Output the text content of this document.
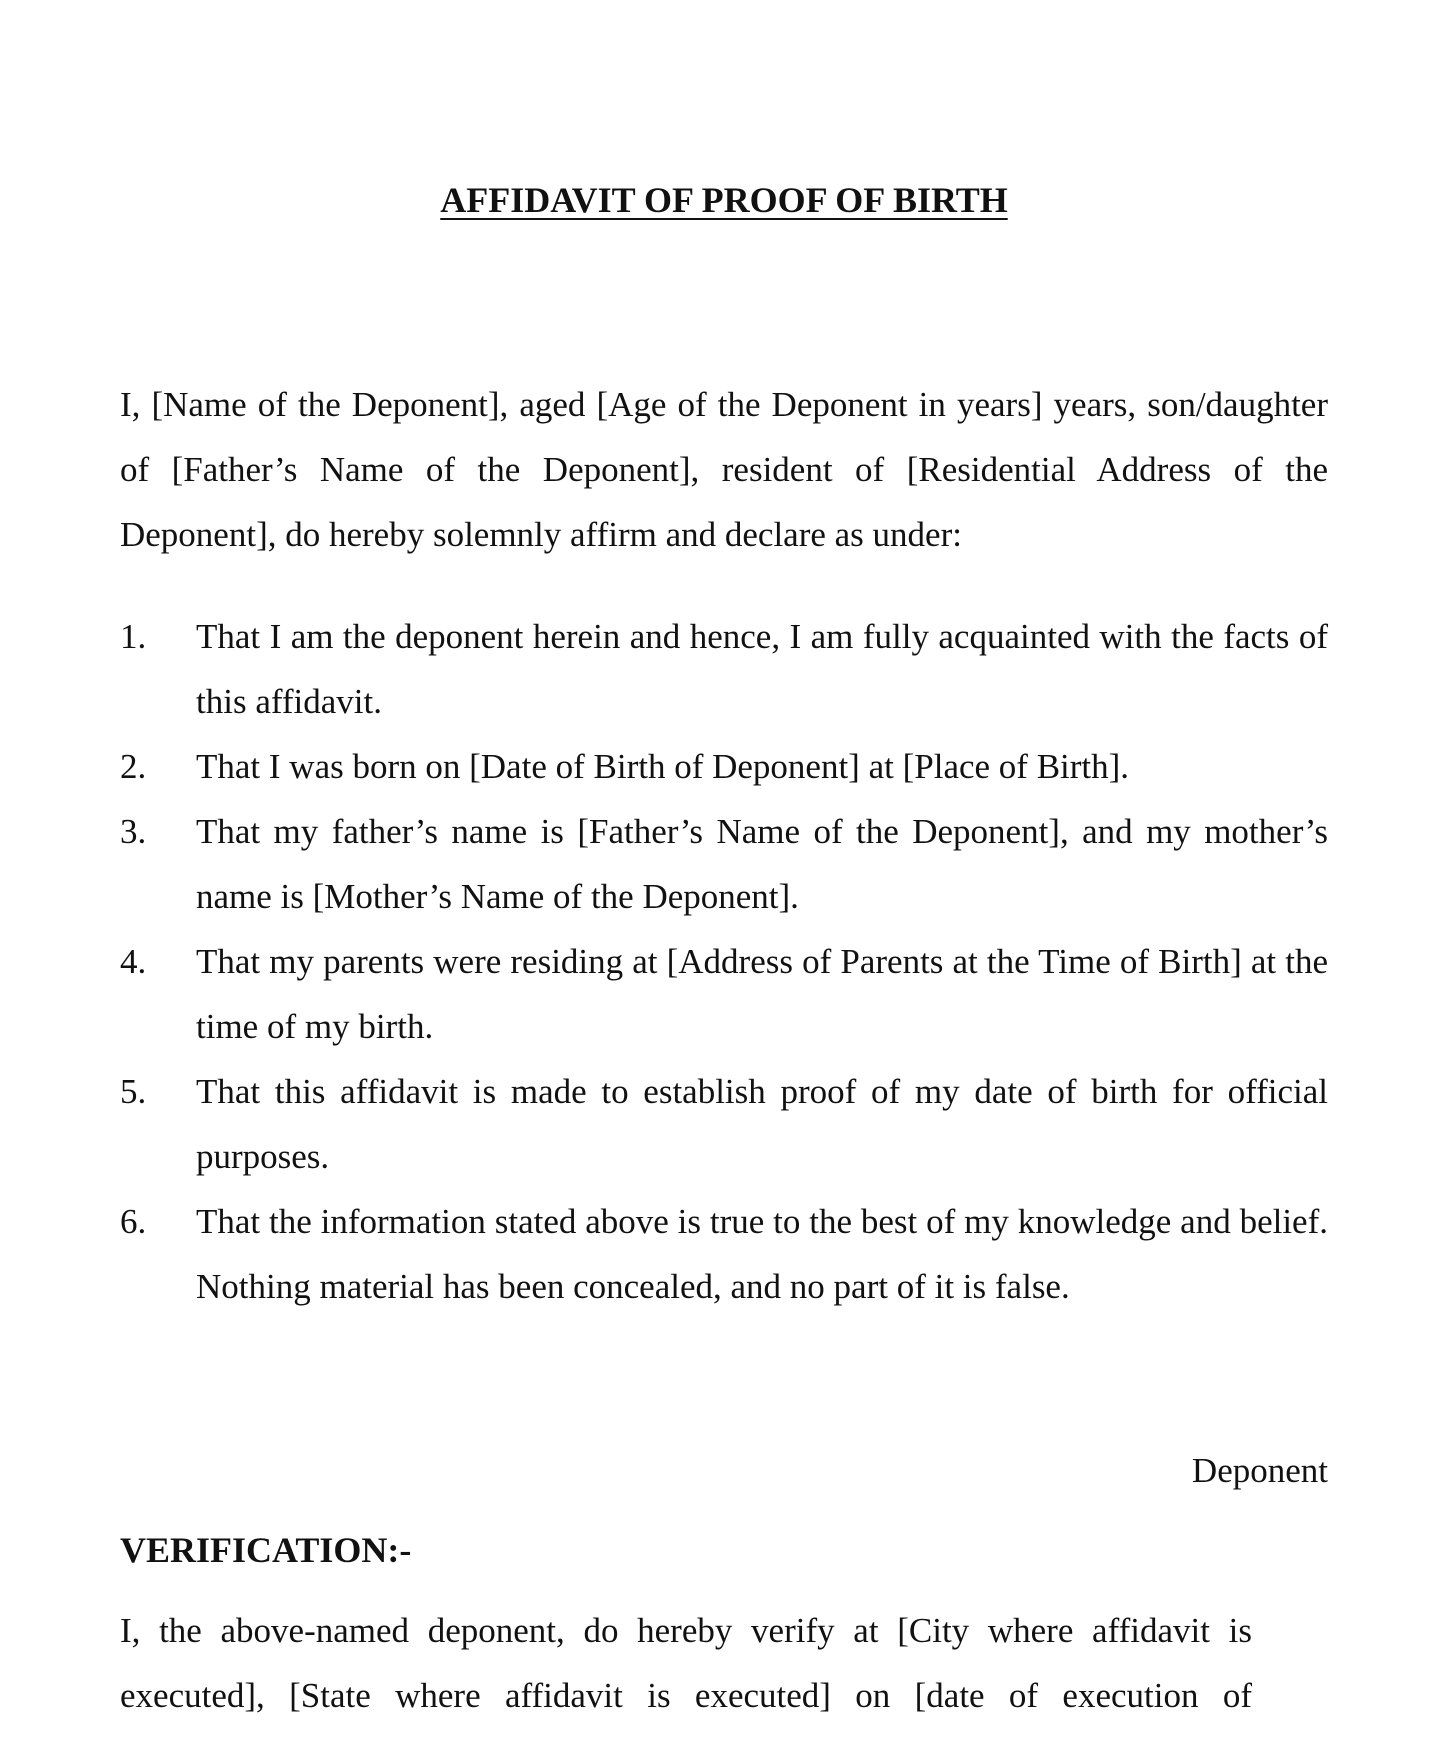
AFFIDAVIT OF PROOF OF BIRTH

I, [Name of the Deponent], aged [Age of the Deponent in years] years, son/daughter of [Father’s Name of the Deponent], resident of [Residential Address of the Deponent], do hereby solemnly affirm and declare as under:

1.	That I am the deponent herein and hence, I am fully acquainted with the facts of this affidavit.
2.	That I was born on [Date of Birth of Deponent] at [Place of Birth].
3.	That my father’s name is [Father’s Name of the Deponent], and my mother’s name is [Mother’s Name of the Deponent].
4.	That my parents were residing at [Address of Parents at the Time of Birth] at the time of my birth.
5.	That this affidavit is made to establish proof of my date of birth for official purposes.
6.	That the information stated above is true to the best of my knowledge and belief. Nothing material has been concealed, and no part of it is false.

Deponent

VERIFICATION:-

I, the above-named deponent, do hereby verify at [City where affidavit is executed], [State where affidavit is executed] on [date of execution of
